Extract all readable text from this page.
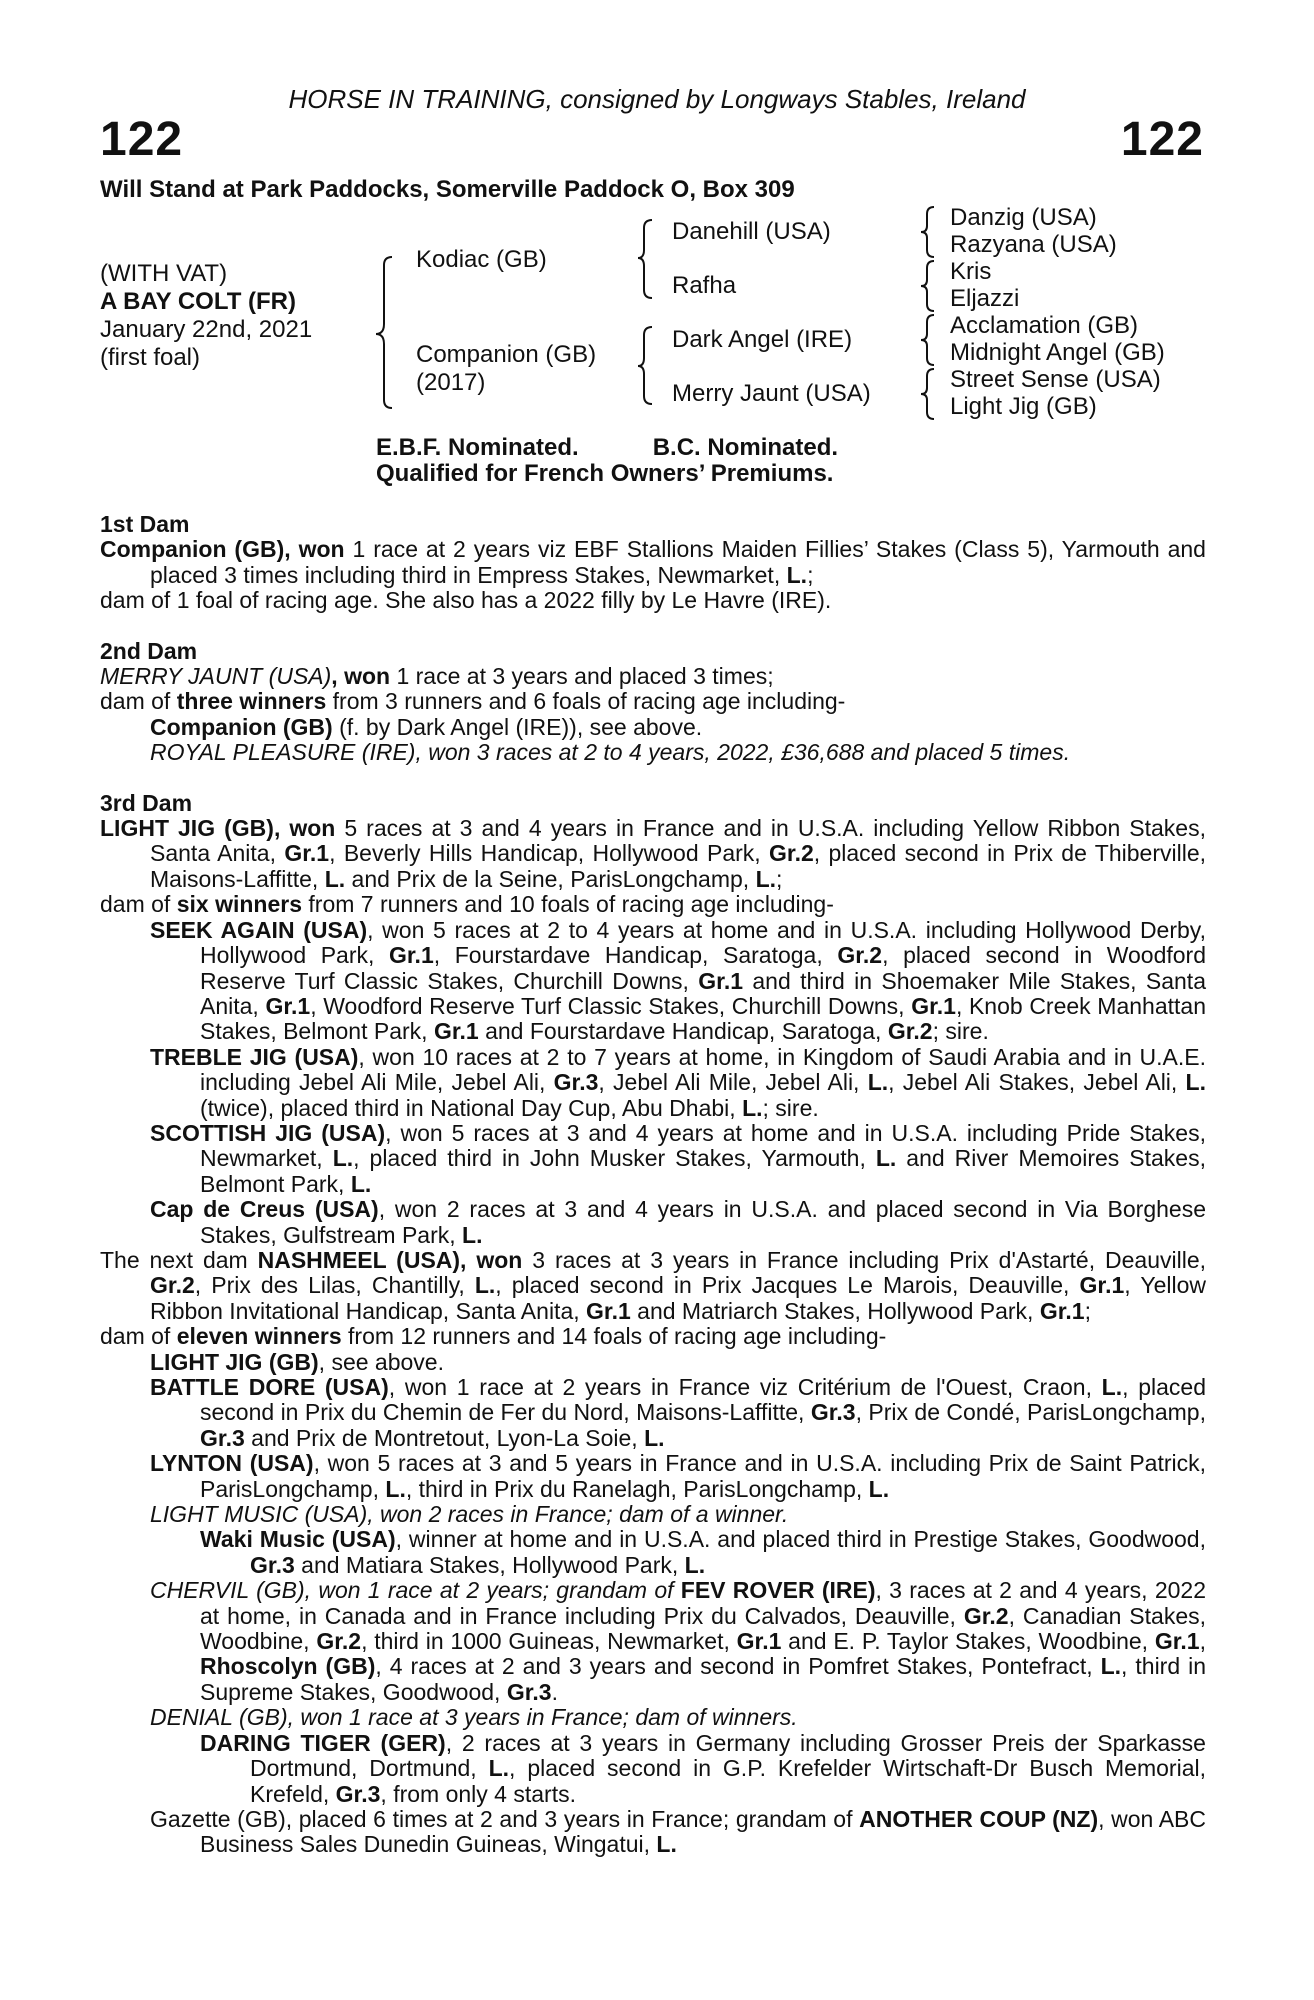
HORSE IN TRAINING, consigned by Longways Stables, Ireland
122	122
Will Stand at Park Paddocks, Somerville Paddock O, Box 309
(WITH VAT)
A BAY COLT (FR)
January 22nd, 2021
(first foal)
Kodiac (GB)
Companion (GB)
(2017)
Danehill (USA)
Rafha
Dark Angel (IRE)
Merry Jaunt (USA)
Danzig (USA)
Razyana (USA)
Kris
Eljazzi
Acclamation (GB)
Midnight Angel (GB)
Street Sense (USA)
Light Jig (GB)
E.B.F. Nominated.	B.C. Nominated.
Qualified for French Owners’ Premiums.

1st Dam

Companion (GB), won 1 race at 2 years viz EBF Stallions Maiden Fillies’ Stakes (Class 5), Yarmouth and placed 3 times including third in Empress Stakes, Newmarket, L.;

dam of 1 foal of racing age. She also has a 2022 filly by Le Havre (IRE).

2nd Dam

MERRY JAUNT (USA), won 1 race at 3 years and placed 3 times;

dam of three winners from 3 runners and 6 foals of racing age including-

Companion (GB) (f. by Dark Angel (IRE)), see above.

ROYAL PLEASURE (IRE), won 3 races at 2 to 4 years, 2022, £36,688 and placed 5 times.

3rd Dam

LIGHT JIG (GB), won 5 races at 3 and 4 years in France and in U.S.A. including Yellow Ribbon Stakes, Santa Anita, Gr.1, Beverly Hills Handicap, Hollywood Park, Gr.2, placed second in Prix de Thiberville, Maisons-Laffitte, L. and Prix de la Seine, ParisLongchamp, L.;

dam of six winners from 7 runners and 10 foals of racing age including-

SEEK AGAIN (USA), won 5 races at 2 to 4 years at home and in U.S.A. including Hollywood Derby, Hollywood Park, Gr.1, Fourstardave Handicap, Saratoga, Gr.2, placed second in Woodford Reserve Turf Classic Stakes, Churchill Downs, Gr.1 and third in Shoemaker Mile Stakes, Santa Anita, Gr.1, Woodford Reserve Turf Classic Stakes, Churchill Downs, Gr.1, Knob Creek Manhattan Stakes, Belmont Park, Gr.1 and Fourstardave Handicap, Saratoga, Gr.2; sire.

TREBLE JIG (USA), won 10 races at 2 to 7 years at home, in Kingdom of Saudi Arabia and in U.A.E. including Jebel Ali Mile, Jebel Ali, Gr.3, Jebel Ali Mile, Jebel Ali, L., Jebel Ali Stakes, Jebel Ali, L. (twice), placed third in National Day Cup, Abu Dhabi, L.; sire.

SCOTTISH JIG (USA), won 5 races at 3 and 4 years at home and in U.S.A. including Pride Stakes, Newmarket, L., placed third in John Musker Stakes, Yarmouth, L. and River Memoires Stakes, Belmont Park, L.

Cap de Creus (USA), won 2 races at 3 and 4 years in U.S.A. and placed second in Via Borghese Stakes, Gulfstream Park, L.

The next dam NASHMEEL (USA), won 3 races at 3 years in France including Prix d'Astarté, Deauville, Gr.2, Prix des Lilas, Chantilly, L., placed second in Prix Jacques Le Marois, Deauville, Gr.1, Yellow Ribbon Invitational Handicap, Santa Anita, Gr.1 and Matriarch Stakes, Hollywood Park, Gr.1;

dam of eleven winners from 12 runners and 14 foals of racing age including-

LIGHT JIG (GB), see above.

BATTLE DORE (USA), won 1 race at 2 years in France viz Critérium de l'Ouest, Craon, L., placed second in Prix du Chemin de Fer du Nord, Maisons-Laffitte, Gr.3, Prix de Condé, ParisLongchamp, Gr.3 and Prix de Montretout, Lyon-La Soie, L.

LYNTON (USA), won 5 races at 3 and 5 years in France and in U.S.A. including Prix de Saint Patrick, ParisLongchamp, L., third in Prix du Ranelagh, ParisLongchamp, L.

LIGHT MUSIC (USA), won 2 races in France; dam of a winner.

Waki Music (USA), winner at home and in U.S.A. and placed third in Prestige Stakes, Goodwood, Gr.3 and Matiara Stakes, Hollywood Park, L.

CHERVIL (GB), won 1 race at 2 years; grandam of FEV ROVER (IRE), 3 races at 2 and 4 years, 2022 at home, in Canada and in France including Prix du Calvados, Deauville, Gr.2, Canadian Stakes, Woodbine, Gr.2, third in 1000 Guineas, Newmarket, Gr.1 and E. P. Taylor Stakes, Woodbine, Gr.1, Rhoscolyn (GB), 4 races at 2 and 3 years and second in Pomfret Stakes, Pontefract, L., third in Supreme Stakes, Goodwood, Gr.3.

DENIAL (GB), won 1 race at 3 years in France; dam of winners.

DARING TIGER (GER), 2 races at 3 years in Germany including Grosser Preis der Sparkasse Dortmund, Dortmund, L., placed second in G.P. Krefelder Wirtschaft-Dr Busch Memorial, Krefeld, Gr.3, from only 4 starts.

Gazette (GB), placed 6 times at 2 and 3 years in France; grandam of ANOTHER COUP (NZ), won ABC Business Sales Dunedin Guineas, Wingatui, L.
